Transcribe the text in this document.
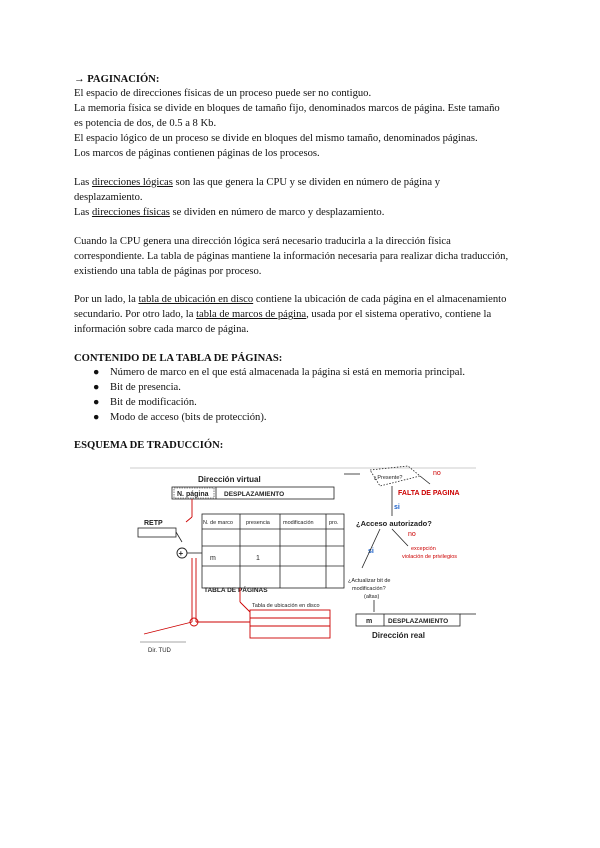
→ PAGINACIÓN:
El espacio de direcciones físicas de un proceso puede ser no contiguo.
La memoria física se divide en bloques de tamaño fijo, denominados marcos de página. Este tamaño
es potencia de dos, de 0.5 a 8 Kb.
El espacio lógico de un proceso se divide en bloques del mismo tamaño, denominados páginas.
Los marcos de páginas contienen páginas de los procesos.
Las direcciones lógicas son las que genera la CPU y se dividen en número de página y
desplazamiento.
Las direcciones físicas se dividen en número de marco y desplazamiento.
Cuando la CPU genera una dirección lógica será necesario traducirla a la dirección física
correspondiente. La tabla de páginas mantiene la información necesaria para realizar dicha traducción,
existiendo una tabla de páginas por proceso.
Por un lado, la tabla de ubicación en disco contiene la ubicación de cada página en el almacenamiento
secundario. Por otro lado, la tabla de marcos de página, usada por el sistema operativo, contiene la
información sobre cada marco de página.
CONTENIDO DE LA TABLA DE PÁGINAS:
● Número de marco en el que está almacenada la página si está en memoria principal.
● Bit de presencia.
● Bit de modificación.
● Modo de acceso (bits de protección).
ESQUEMA DE TRADUCCIÓN:
Dirección virtual
N. página DESPLAZAMIENTO
RETP
+
N. de marco presencia modificación	pro.
m	1
TABLA DE PÁGINAS
Tabla de ubicación en disco
Dir. TUD
¿Presente?
no
FALTA DE PAGINA
si
¿Acceso autorizado?
no
si	excepción
violación de privilegios
¿Actualizar bit de
modificación?
(altas)
m DESPLAZAMIENTO
Dirección real
